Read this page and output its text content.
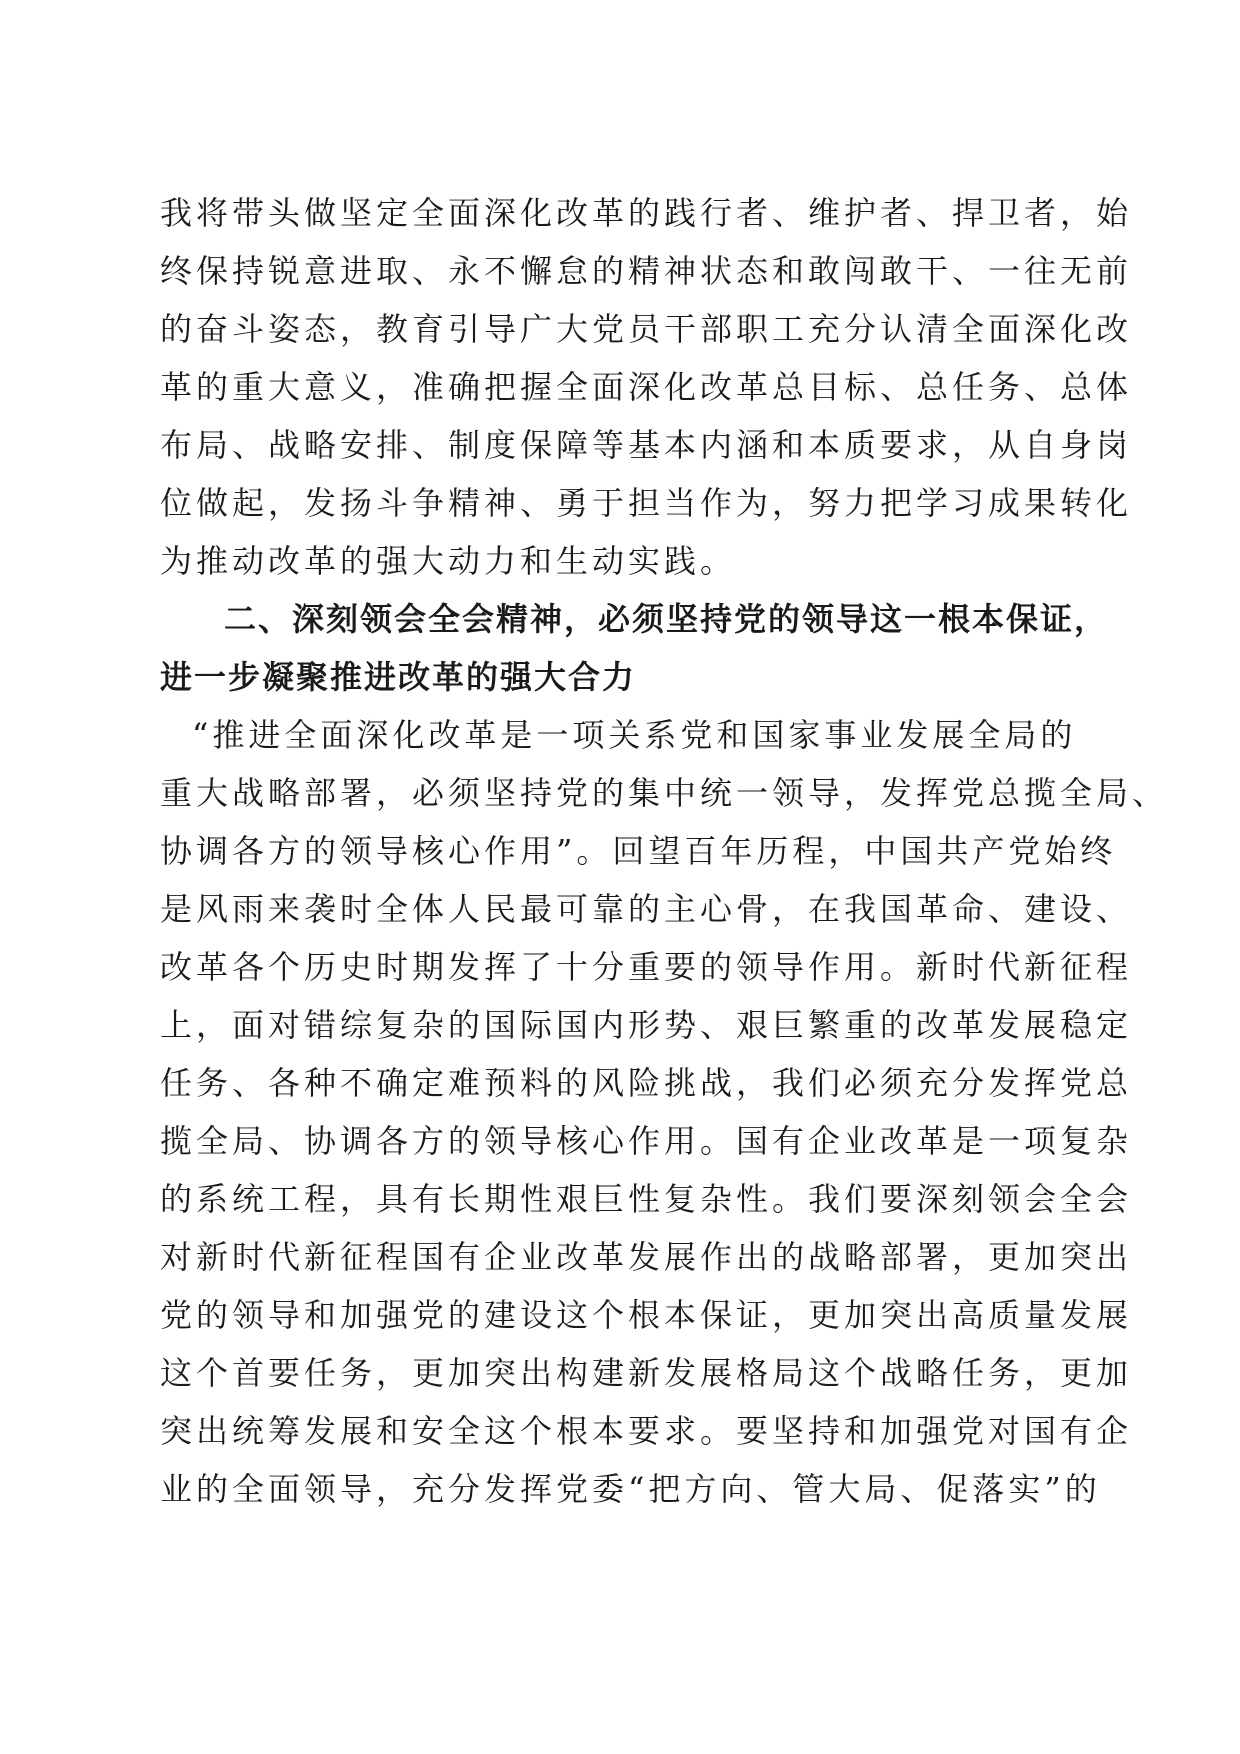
我将带头做坚定全面深化改革的践行者、维护者、捍卫者，始
终保持锐意进取、永不懈怠的精神状态和敢闯敢干、一往无前
的奋斗姿态，教育引导广大党员干部职工充分认清全面深化改
革的重大意义，准确把握全面深化改革总目标、总任务、总体
布局、战略安排、制度保障等基本内涵和本质要求，从自身岗
位做起，发扬斗争精神、勇于担当作为，努力把学习成果转化
为推动改革的强大动力和生动实践。
二、深刻领会全会精神，必须坚持党的领导这一根本保证，
进一步凝聚推进改革的强大合力
“推进全面深化改革是一项关系党和国家事业发展全局的
重大战略部署，必须坚持党的集中统一领导，发挥党总揽全局、
协调各方的领导核心作用”。回望百年历程，中国共产党始终
是风雨来袭时全体人民最可靠的主心骨，在我国革命、建设、
改革各个历史时期发挥了十分重要的领导作用。新时代新征程
上，面对错综复杂的国际国内形势、艰巨繁重的改革发展稳定
任务、各种不确定难预料的风险挑战，我们必须充分发挥党总
揽全局、协调各方的领导核心作用。国有企业改革是一项复杂
的系统工程，具有长期性艰巨性复杂性。我们要深刻领会全会
对新时代新征程国有企业改革发展作出的战略部署，更加突出
党的领导和加强党的建设这个根本保证，更加突出高质量发展
这个首要任务，更加突出构建新发展格局这个战略任务，更加
突出统筹发展和安全这个根本要求。要坚持和加强党对国有企
业的全面领导，充分发挥党委“把方向、管大局、促落实”的
